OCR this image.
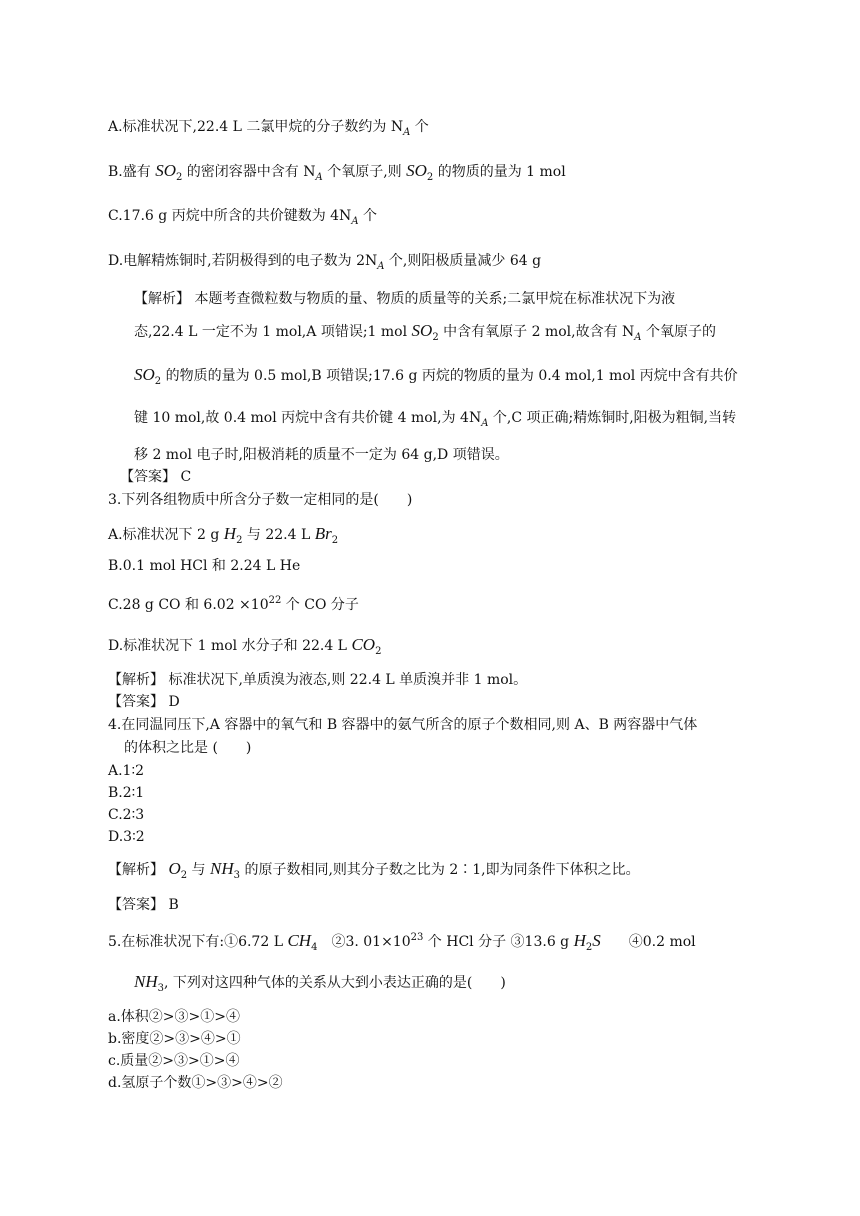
A.标准状况下,22.4 L 二氯甲烷的分子数约为 $N_A$ 个
B.盛有 $SO_2$ 的密闭容器中含有 $N_A$ 个氧原子,则 $SO_2$ 的物质的量为 1 mol
C.17.6 g 丙烷中所含的共价键数为 $4N_A$ 个
D.电解精炼铜时,若阴极得到的电子数为 $2N_A$ 个,则阳极质量减少 64 g
【解析】 本题考查微粒数与物质的量、物质的质量等的关系;二氯甲烷在标准状况下为液
态,22.4 L 一定不为 1 mol,A 项错误;1 mol $SO_2$ 中含有氧原子 2 mol,故含有 $N_A$ 个氧原子的
$SO_2$ 的物质的量为 0.5 mol,B 项错误;17.6 g 丙烷的物质的量为 0.4 mol,1 mol 丙烷中含有共价
键 10 mol,故 0.4 mol 丙烷中含有共价键 4 mol,为 $4N_A$ 个,C 项正确;精炼铜时,阳极为粗铜,当转
移 2 mol 电子时,阳极消耗的质量不一定为 64 g,D 项错误。
【答案】 C
3.下列各组物质中所含分子数一定相同的是(　　)
A.标准状况下 2 g $H_2$ 与 22.4 L $Br_2$
B.0.1 mol HCl 和 2.24 L He
C.28 g CO 和 $6.02 \times 10^{22}$ 个 CO 分子
D.标准状况下 1 mol 水分子和 22.4 L $CO_2$
【解析】 标准状况下,单质溴为液态,则 22.4 L 单质溴并非 1 mol。
【答案】 D
4.在同温同压下,A 容器中的氧气和 B 容器中的氨气所含的原子个数相同,则 A、B 两容器中气体
的体积之比是 (　　)
A.1∶2
B.2∶1
C.2∶3
D.3∶2
【解析】 $O_2$ 与 $NH_3$ 的原子数相同,则其分子数之比为 2∶1,即为同条件下体积之比。
【答案】 B
5.在标准状况下有:①6.72 L $CH_4$　②3. $01\times 10^{23}$ 个 HCl 分子 ③13.6 g $H_2S$　　④0.2 mol
$NH_3$, 下列对这四种气体的关系从大到小表达正确的是(　　)
a.体积②>③>①>④
b.密度②>③>④>①
c.质量②>③>①>④
d.氢原子个数①>③>④>②
